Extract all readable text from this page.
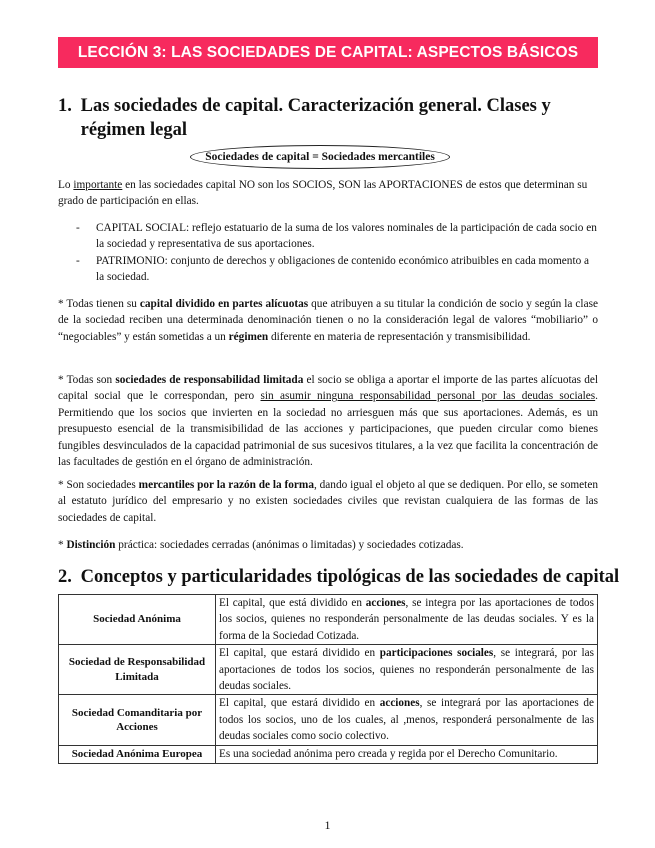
LECCIÓN 3: LAS SOCIEDADES DE CAPITAL: ASPECTOS BÁSICOS
1. Las sociedades de capital. Caracterización general. Clases y régimen legal
Sociedades de capital = Sociedades mercantiles
Lo importante en las sociedades capital NO son los SOCIOS, SON las APORTACIONES de estos que determinan su grado de participación en ellas.
- CAPITAL SOCIAL: reflejo estatuario de la suma de los valores nominales de la participación de cada socio en la sociedad y representativa de sus aportaciones.
- PATRIMONIO: conjunto de derechos y obligaciones de contenido económico atribuibles en cada momento a la sociedad.
* Todas tienen su capital dividido en partes alícuotas que atribuyen a su titular la condición de socio y según la clase de la sociedad reciben una determinada denominación tienen o no la consideración legal de valores “mobiliario” o “negociables” y están sometidas a un régimen diferente en materia de representación y transmisibilidad.
* Todas son sociedades de responsabilidad limitada el socio se obliga a aportar el importe de las partes alícuotas del capital social que le correspondan, pero sin asumir ninguna responsabilidad personal por las deudas sociales. Permitiendo que los socios que invierten en la sociedad no arriesguen más que sus aportaciones. Además, es un presupuesto esencial de la transmisibilidad de las acciones y participaciones, que pueden circular como bienes fungibles desvinculados de la capacidad patrimonial de sus sucesivos titulares, a la vez que facilita la concentración de las facultades de gestión en el órgano de administración.
* Son sociedades mercantiles por la razón de la forma, dando igual el objeto al que se dediquen. Por ello, se someten al estatuto jurídico del empresario y no existen sociedades civiles que revistan cualquiera de las formas de las sociedades de capital.
* Distinción práctica: sociedades cerradas (anónimas o limitadas) y sociedades cotizadas.
2. Conceptos y particularidades tipológicas de las sociedades de capital
Sociedad Anónima	El capital, que está dividido en acciones, se integra por las aportaciones de todos los socios, quienes no responderán personalmente de las deudas sociales. Y es la forma de la Sociedad Cotizada.
Sociedad de Responsabilidad Limitada	El capital, que estará dividido en participaciones sociales, se integrará, por las aportaciones de todos los socios, quienes no responderán personalmente de las deudas sociales.
Sociedad Comanditaria por Acciones	El capital, que estará dividido en acciones, se integrará por las aportaciones de todos los socios, uno de los cuales, al ,menos, responderá personalmente de las deudas sociales como socio colectivo.
Sociedad Anónima Europea	Es una sociedad anónima pero creada y regida por el Derecho Comunitario.
1
